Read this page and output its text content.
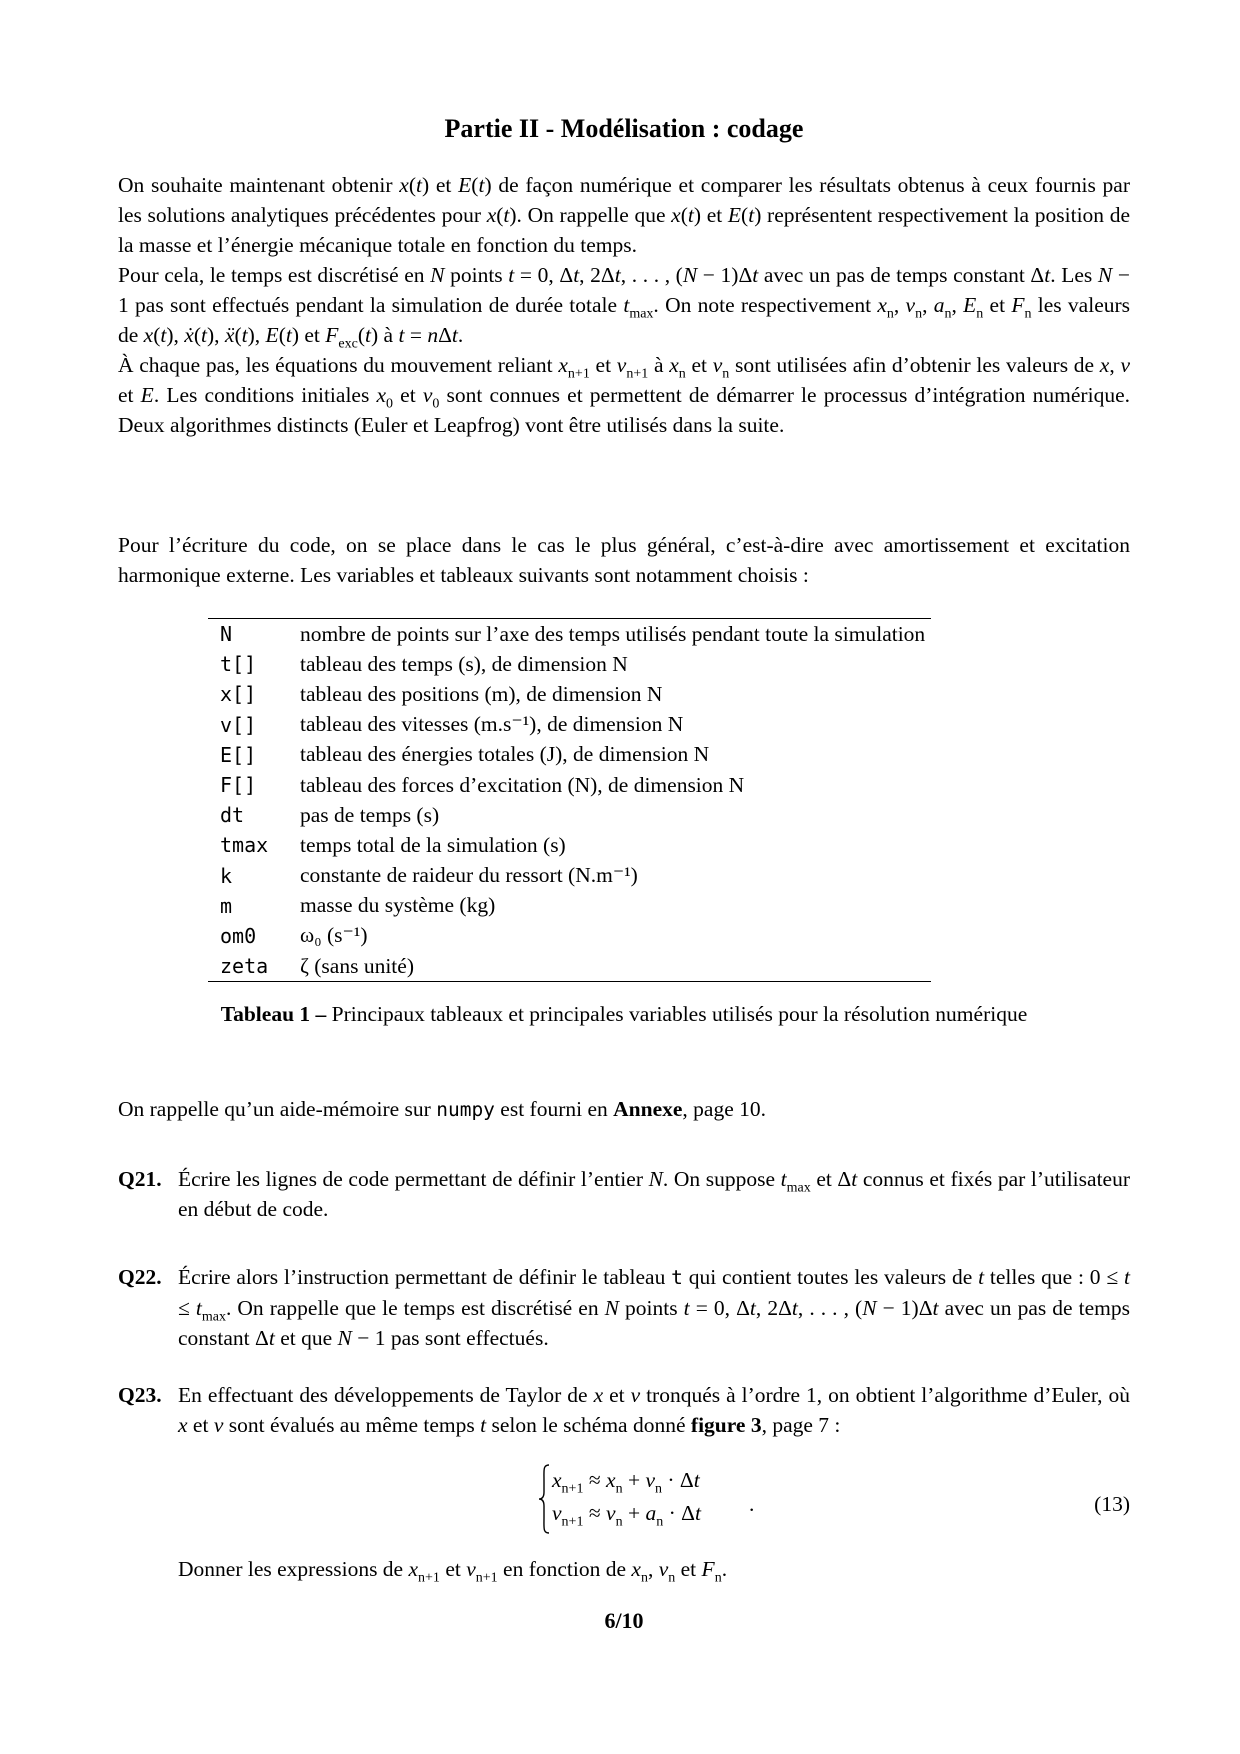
Partie II - Modélisation : codage

On souhaite maintenant obtenir x(t) et E(t) de façon numérique et comparer les résultats obtenus à ceux fournis par les solutions analytiques précédentes pour x(t). On rappelle que x(t) et E(t) représentent respectivement la position de la masse et l’énergie mécanique totale en fonction du temps.

Pour cela, le temps est discrétisé en N points t = 0, Δt, 2Δt, . . . , (N − 1)Δt avec un pas de temps constant Δt. Les N − 1 pas sont effectués pendant la simulation de durée totale $t_{max}$. On note respectivement $x_n$, $v_n$, $a_n$, $E_n$ et $F_n$ les valeurs de x(t), ẋ(t), ẍ(t), E(t) et $F_{exc}(t)$ à t = nΔt.

À chaque pas, les équations du mouvement reliant $x_{n+1}$ et $v_{n+1}$ à $x_n$ et $v_n$ sont utilisées afin d’obtenir les valeurs de x, v et E. Les conditions initiales $x_0$ et $v_0$ sont connues et permettent de démarrer le processus d’intégration numérique. Deux algorithmes distincts (Euler et Leapfrog) vont être utilisés dans la suite.

Pour l’écriture du code, on se place dans le cas le plus général, c’est-à-dire avec amortissement et excitation harmonique externe. Les variables et tableaux suivants sont notamment choisis :

N	nombre de points sur l’axe des temps utilisés pendant toute la simulation
t[]	tableau des temps (s), de dimension N
x[]	tableau des positions (m), de dimension N
v[]	tableau des vitesses (m.s⁻¹), de dimension N
E[]	tableau des énergies totales (J), de dimension N
F[]	tableau des forces d’excitation (N), de dimension N
dt	pas de temps (s)
tmax	temps total de la simulation (s)
k	constante de raideur du ressort (N.m⁻¹)
m	masse du système (kg)
om0	ω₀ (s⁻¹)
zeta	ζ (sans unité)
Tableau 1 – Principaux tableaux et principales variables utilisés pour la résolution numérique

On rappelle qu’un aide-mémoire sur numpy est fourni en Annexe, page 10.

Q21. Écrire les lignes de code permettant de définir l’entier N. On suppose $t_{max}$ et Δt connus et fixés par l’utilisateur en début de code.
Q22. Écrire alors l’instruction permettant de définir le tableau t qui contient toutes les valeurs de t telles que : $0 \le t \le t_{max}$. On rappelle que le temps est discrétisé en N points t = 0, Δt, 2Δt, . . . , (N − 1)Δt avec un pas de temps constant Δt et que N − 1 pas sont effectués.
Q23. En effectuant des développements de Taylor de x et v tronqués à l’ordre 1, on obtient l’algorithme d’Euler, où x et v sont évalués au même temps t selon le schéma donné figure 3, page 7 :
$x_{n+1} \approx x_n + v_n \cdot \Delta t$
$v_{n+1} \approx v_n + a_n \cdot \Delta t$ .	(13)

Donner les expressions de $x_{n+1}$ et $v_{n+1}$ en fonction de $x_n$, $v_n$ et $F_n$.

6/10
